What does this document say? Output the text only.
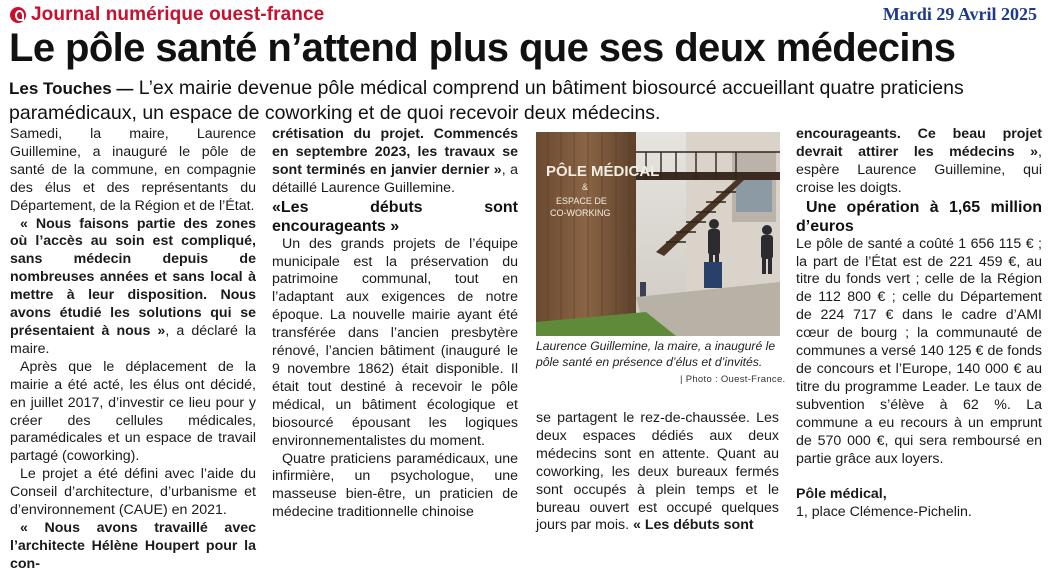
Journal numérique ouest-france	Mardi 29 Avril 2025
Le pôle santé n’attend plus que ses deux médecins
Les Touches — L’ex mairie devenue pôle médical comprend un bâtiment biosourcé accueillant quatre praticiens paramédicaux, un espace de coworking et de quoi recevoir deux médecins.

Samedi, la maire, Laurence Guillemine, a inauguré le pôle de santé de la commune, en compagnie des élus et des représentants du Département, de la Région et de l’État.

« Nous faisons partie des zones où l’accès au soin est compliqué, sans médecin depuis de nombreuses années et sans local à mettre à leur disposition. Nous avons étudié les solutions qui se présentaient à nous », a déclaré la maire.

Après que le déplacement de la mairie a été acté, les élus ont décidé, en juillet 2017, d’investir ce lieu pour y créer des cellules médicales, paramédicales et un espace de travail partagé (coworking).

Le projet a été défini avec l’aide du Conseil d’architecture, d’urbanisme et d’environnement (CAUE) en 2021.

« Nous avons travaillé avec l’architecte Hélène Houpert pour la con-

crétisation du projet. Commencés en septembre 2023, les travaux se sont terminés en janvier dernier », a détaillé Laurence Guillemine.

«Les débuts sont encourageants »

Un des grands projets de l’équipe municipale est la préservation du patrimoine communal, tout en l’adaptant aux exigences de notre époque. La nouvelle mairie ayant été transférée dans l’ancien presbytère rénové, l’ancien bâtiment (inauguré le 9 novembre 1862) était disponible. Il était tout destiné à recevoir le pôle médical, un bâtiment écologique et biosourcé épousant les logiques environnementalistes du moment.

Quatre praticiens paramédicaux, une infirmière, un psychologue, une masseuse bien-être, un praticien de médecine traditionnelle chinoise

PÔLE MÉDICAL
&
ESPACE DE
CO-WORKING
Laurence Guillemine, la maire, a inauguré le pôle santé en présence d’élus et d’invités.
| Photo : Ouest-France.

se partagent le rez-de-chaussée. Les deux espaces dédiés aux deux médecins sont en attente. Quant au coworking, les deux bureaux fermés sont occupés à plein temps et le bureau ouvert est occupé quelques jours par mois. « Les débuts sont

encourageants. Ce beau projet devrait attirer les médecins », espère Laurence Guillemine, qui croise les doigts.

Une opération à 1,65 million d’euros

Le pôle de santé a coûté 1 656 115 € ; la part de l’État est de 221 459 €, au titre du fonds vert ; celle de la Région de 112 800 € ; celle du Département de 224 717 € dans le cadre d’AMI cœur de bourg ; la communauté de communes a versé 140 125 € de fonds de concours et l’Europe, 140 000 € au titre du programme Leader. Le taux de subvention s’élève à 62 %. La commune a eu recours à un emprunt de 570 000 €, qui sera remboursé en partie grâce aux loyers.

Pôle médical,

1, place Clémence-Pichelin.
